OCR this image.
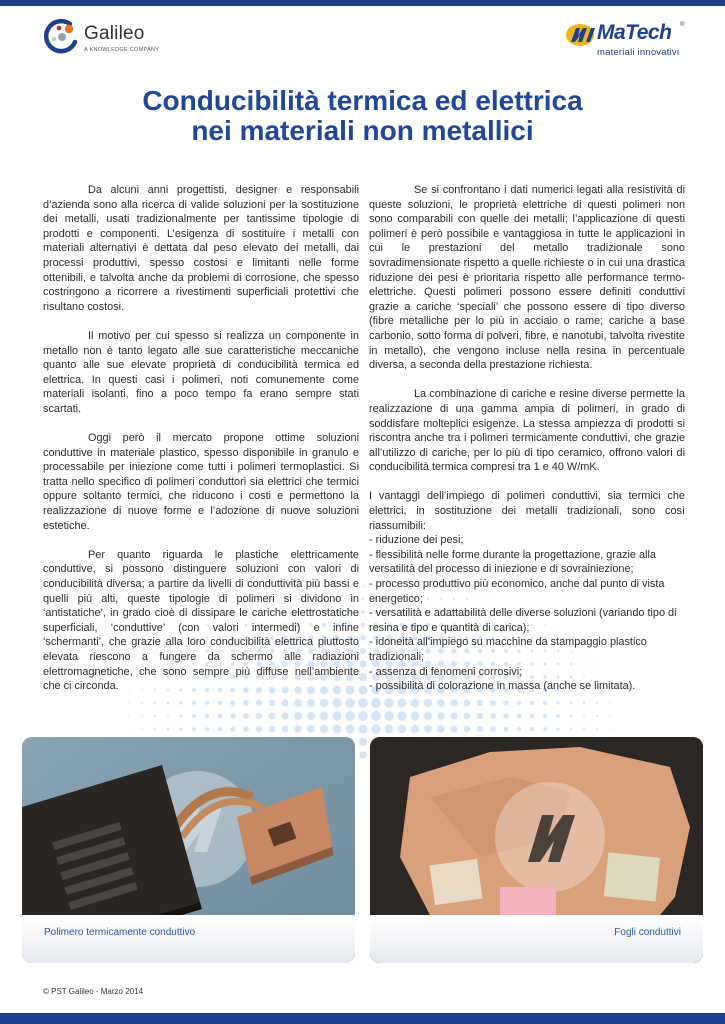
Galileo
A KNOWLEDGE COMPANY
MaTech ®
materiali innovativi
Conducibilità termica ed elettrica
nei materiali non metallici

Da alcuni anni progettisti, designer e responsabili d’azienda sono alla ricerca di valide soluzioni per la sostituzione dei metalli, usati tradizionalmente per tantissime tipologie di prodotti e componenti. L’esigenza di sostituire i metalli con materiali alternativi è dettata dal peso elevato dei metalli, dai processi produttivi, spesso costosi e limitanti nelle forme ottenibili, e talvolta anche da problemi di corrosione, che spesso costringono a ricorrere a rivestimenti superficiali protettivi che risultano costosi.

Il motivo per cui spesso si realizza un componente in metallo non è tanto legato alle sue caratteristiche meccaniche quanto alle sue elevate proprietà di conducibilità termica ed elettrica. In questi casi i polimeri, noti comunemente come materiali isolanti, fino a poco tempo fa erano sempre stati scartati.

Oggi però il mercato propone ottime soluzioni conduttive in materiale plastico, spesso disponibile in granulo e processabile per iniezione come tutti i polimeri termoplastici. Si tratta nello specifico di polimeri conduttori sia elettrici che termici oppure soltanto termici, che riducono i costi e permettono la realizzazione di nuove forme e l’adozione di nuove soluzioni estetiche.

Per quanto riguarda le plastiche elettricamente conduttive, si possono distinguere soluzioni con valori di conducibilità diversa; a partire da livelli di conduttività più bassi e quelli più alti, queste tipologie di polimeri si dividono in ‘antistatiche’, in grado cioè di dissipare le cariche elettrostatiche superficiali, ‘conduttive’ (con valori intermedi) e infine ‘schermanti’, che grazie alla loro conducibilità elettrica piuttosto elevata riescono a fungere da schermo alle radiazioni elettromagnetiche, che sono sempre più diffuse nell’ambiente che ci circonda.

Se si confrontano i dati numerici legati alla resistività di queste soluzioni, le proprietà elettriche di questi polimeri non sono comparabili con quelle dei metalli; l’applicazione di questi polimeri è però possibile e vantaggiosa in tutte le applicazioni in cui le prestazioni del metallo tradizionale sono sovradimensionate rispetto a quelle richieste o in cui una drastica riduzione dei pesi è prioritaria rispetto alle performance termo-elettriche. Questi polimeri possono essere definiti conduttivi grazie a cariche ‘speciali’ che possono essere di tipo diverso (fibre metalliche per lo più in acciaio o rame; cariche a base carbonio, sotto forma di polveri, fibre, e nanotubi, talvolta rivestite in metallo), che vengono incluse nella resina in percentuale diversa, a seconda della prestazione richiesta.

La combinazione di cariche e resine diverse permette la realizzazione di una gamma ampia di polimeri, in grado di soddisfare molteplici esigenze. La stessa ampiezza di prodotti si riscontra anche tra i polimeri termicamente conduttivi, che grazie all’utilizzo di cariche, per lo più di tipo ceramico, offrono valori di conducibilità termica compresi tra 1 e 40 W/mK.

I vantaggi dell’impiego di polimeri conduttivi, sia termici che elettrici, in sostituzione dei metalli tradizionali, sono così riassumibili:

- riduzione dei pesi;

- flessibilità nelle forme durante la progettazione, grazie alla versatilità del processo di iniezione e di sovrainiezione;

- processo produttivo più economico, anche dal punto di vista energetico;

- versatilità e adattabilità delle diverse soluzioni (variando tipo di resina e tipo e quantità di carica);

- idoneità all’impiego su macchine da stampaggio plastico tradizionali;

- assenza di fenomeni corrosivi;

- possibilità di colorazione in massa (anche se limitata).

Polimero termicamente conduttivo	Fogli conduttivi
© PST Galileo - Marzo 2014
